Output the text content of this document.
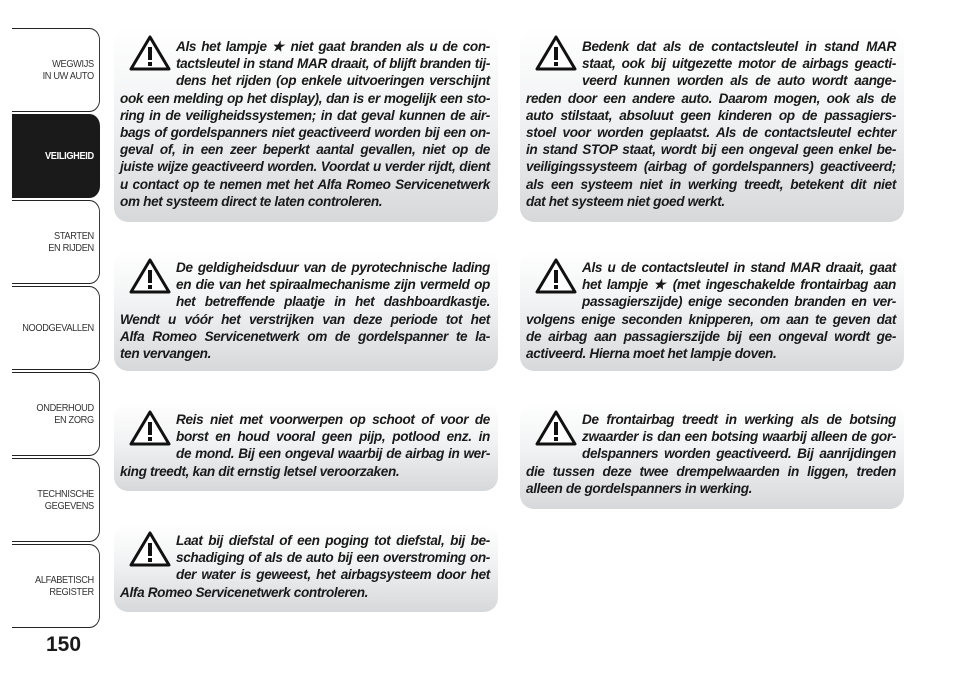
WEGWIJS
IN UW AUTO
VEILIGHEID
STARTEN
EN RIJDEN
NOODGEVALLEN
ONDERHOUD
EN ZORG
TECHNISCHE
GEGEVENS
ALFABETISCH
REGISTER
150
Als het lampje ★ niet gaat branden als u de con-
tactsleutel in stand MAR draait, of blijft branden tij-
dens het rijden (op enkele uitvoeringen verschijnt
ook een melding op het display), dan is er mogelijk een sto-
ring in de veiligheidssystemen; in dat geval kunnen de air-
bags of gordelspanners niet geactiveerd worden bij een on-
geval of, in een zeer beperkt aantal gevallen, niet op de
juiste wijze geactiveerd worden. Voordat u verder rijdt, dient
u contact op te nemen met het Alfa Romeo Servicenetwerk
om het systeem direct te laten controleren.
De geldigheidsduur van de pyrotechnische lading
en die van het spiraalmechanisme zijn vermeld op
het betreffende plaatje in het dashboardkastje.
Wendt u vóór het verstrijken van deze periode tot het
Alfa Romeo Servicenetwerk om de gordelspanner te la-
ten vervangen.
Reis niet met voorwerpen op schoot of voor de
borst en houd vooral geen pijp, potlood enz. in
de mond. Bij een ongeval waarbij de airbag in wer-
king treedt, kan dit ernstig letsel veroorzaken.
Laat bij diefstal of een poging tot diefstal, bij be-
schadiging of als de auto bij een overstroming on-
der water is geweest, het airbagsysteem door het
Alfa Romeo Servicenetwerk controleren.
Bedenk dat als de contactsleutel in stand MAR
staat, ook bij uitgezette motor de airbags geacti-
veerd kunnen worden als de auto wordt aange-
reden door een andere auto. Daarom mogen, ook als de
auto stilstaat, absoluut geen kinderen op de passagiers-
stoel voor worden geplaatst. Als de contactsleutel echter
in stand STOP staat, wordt bij een ongeval geen enkel be-
veiligingssysteem (airbag of gordelspanners) geactiveerd;
als een systeem niet in werking treedt, betekent dit niet
dat het systeem niet goed werkt.
Als u de contactsleutel in stand MAR draait, gaat
het lampje ★ (met ingeschakelde frontairbag aan
passagierszijde) enige seconden branden en ver-
volgens enige seconden knipperen, om aan te geven dat
de airbag aan passagierszijde bij een ongeval wordt ge-
activeerd. Hierna moet het lampje doven.
De frontairbag treedt in werking als de botsing
zwaarder is dan een botsing waarbij alleen de gor-
delspanners worden geactiveerd. Bij aanrijdingen
die tussen deze twee drempelwaarden in liggen, treden
alleen de gordelspanners in werking.
